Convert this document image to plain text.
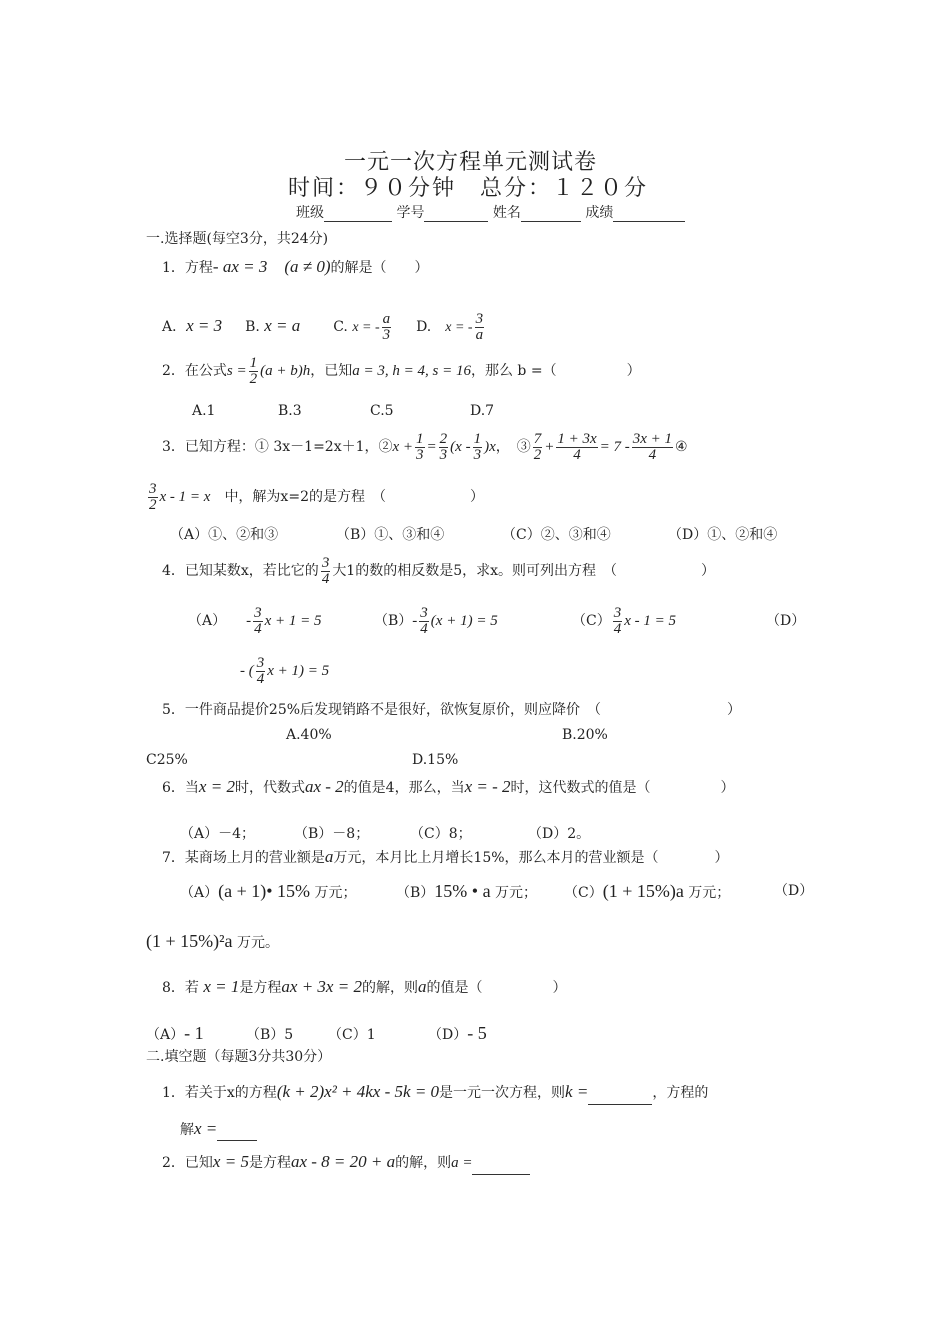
一元一次方程单元测试卷
时间：９０分钟　总分：１２０分
班级	学号	姓名	成绩
一.选择题(每空3分，共24分)
1．方程- ax = 3　(a ≠ 0)的解是（　　）
A．x = 3 B. x = a C. x = - $\frac{a}{3} D$.　 x = - $\frac{3}{a}$
2．在公式$s = \frac{1}{2} (a + b)h$，已知a = 3, h = 4, s = 16，那么 b =（　　　　　）
A.1	B.3	C.5	D.7
3．已知方程：① 3x－1=2x＋1，②x + $\frac{1}{3} = \frac{2}{3} (x - \frac{1}{3} )x$，　③ $\frac{7}{2} + \frac{1 + 3x}{4} = 7 - \frac{3x + 1}{4}$ ④
$\frac{3}{2}$ x - 1 = x　 中，解为x=2的是方程　（　　　　　　）
（A）①、②和③	（B）①、③和④	（C）②、③和④	（D）①、②和④
4．已知某数x，若比它的 $\frac{3}{4}$ 大1的数的相反数是5，求x。则可列出方程　（　　　　　　）
$(A) - \frac{3}{4}$ x + 1 = 5	$(B)- \frac{3}{4} (x + 1) = 5$	$(C) \frac{3}{4}$ x - 1 = 5	（D）
- ( $\frac{3}{4}$ x + 1) = 5
5．一件商品提价25%后发现销路不是很好，欲恢复原价，则应降价　（　　　　　　　　　）
A.40%	B.20%
C25%	D.15%
6．当x = 2时，代数式ax - 2的值是4，那么，当x = - 2时，这代数式的值是（　　　　　）
（A）－4；	（B）－8；	（C）8；	（D）2。
7．某商场上月的营业额是a万元，本月比上月增长15%，那么本月的营业额是（　　　　）
（A）(a + 1)• 15% 万元；	（B）15% • a 万元； （C）(1 + 15%)a 万元；	（D）
(1 + 15%)²a 万元。
8．若 x = 1是方程ax + 3x = 2的解，则a的值是（　　　　　）
（A）- 1	（B）5 （C）1	（D）- 5
二.填空题（每题3分共30分）
1．若关于x的方程(k + 2)x² + 4kx - 5k = 0是一元一次方程，则k =	，方程的
解x =
2．已知x = 5是方程ax - 8 = 20 + a的解，则a =
